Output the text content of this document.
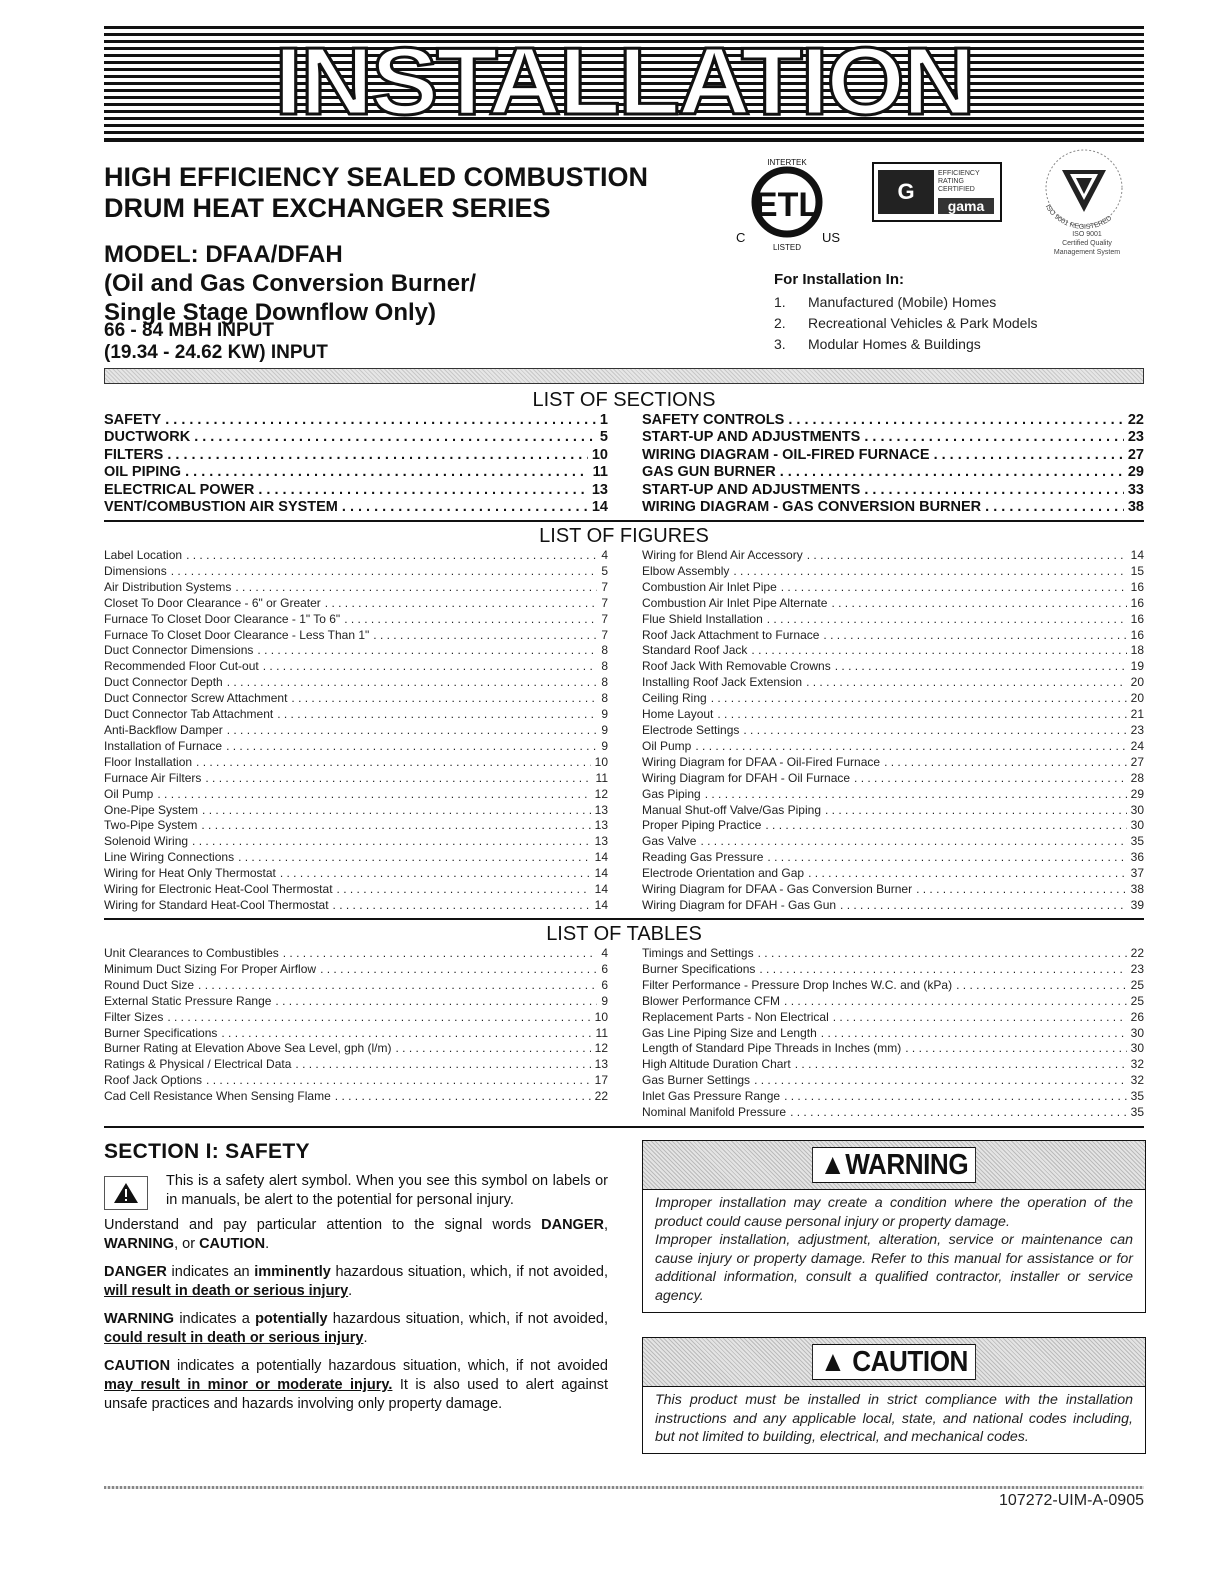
INSTALLATION
HIGH EFFICIENCY SEALED COMBUSTION
DRUM HEAT EXCHANGER SERIES
MODEL: DFAA/DFAH
(Oil and Gas Conversion Burner/
Single Stage Downflow Only)
66 - 84 MBH INPUT
(19.34 - 24.62 KW) INPUT
ETL
INTERTEK
LISTED
C	US
G
EFFICIENCY
RATING
CERTIFIED
gama	ISO 9001 REGISTERED
ISO 9001
Certified Quality
Management System
For Installation In:
1. Manufactured (Mobile) Homes
2. Recreational Vehicles & Park Models
3. Modular Homes & Buildings
LIST OF SECTIONS
SAFETY . . .	1
DUCTWORK . . .	5
FILTERS . . .	10
OIL PIPING . . .	11
ELECTRICAL POWER . . .	13
VENT/COMBUSTION AIR SYSTEM . . .	14
SAFETY CONTROLS . . .	22
START-UP AND ADJUSTMENTS . . .	23
WIRING DIAGRAM - OIL-FIRED FURNACE . . .	27
GAS GUN BURNER . . .	29
START-UP AND ADJUSTMENTS . . .	33
WIRING DIAGRAM - GAS CONVERSION BURNER . . .	38
LIST OF FIGURES
Label Location . . .	4
Dimensions . . .	5
Air Distribution Systems . . .	7
Closet To Door Clearance - 6" or Greater . . .	7
Furnace To Closet Door Clearance - 1" To 6" . . .	7
Furnace To Closet Door Clearance - Less Than 1" . . .	7
Duct Connector Dimensions . . .	8
Recommended Floor Cut-out . . .	8
Duct Connector Depth . . .	8
Duct Connector Screw Attachment . . .	8
Duct Connector Tab Attachment . . .	9
Anti-Backflow Damper . . .	9
Installation of Furnace . . .	9
Floor Installation . . .	10
Furnace Air Filters . . .	11
Oil Pump . . .	12
One-Pipe System . . .	13
Two-Pipe System . . .	13
Solenoid Wiring . . .	13
Line Wiring Connections . . .	14
Wiring for Heat Only Thermostat . . .	14
Wiring for Electronic Heat-Cool Thermostat . . .	14
Wiring for Standard Heat-Cool Thermostat . . .	14
Wiring for Blend Air Accessory . . .	14
Elbow Assembly . . .	15
Combustion Air Inlet Pipe . . .	16
Combustion Air Inlet Pipe Alternate . . .	16
Flue Shield Installation . . .	16
Roof Jack Attachment to Furnace . . .	16
Standard Roof Jack . . .	18
Roof Jack With Removable Crowns . . .	19
Installing Roof Jack Extension . . .	20
Ceiling Ring . . .	20
Home Layout . . .	21
Electrode Settings . . .	23
Oil Pump . . .	24
Wiring Diagram for DFAA - Oil-Fired Furnace . . .	27
Wiring Diagram for DFAH - Oil Furnace . . .	28
Gas Piping . . .	29
Manual Shut-off Valve/Gas Piping . . .	30
Proper Piping Practice . . .	30
Gas Valve . . .	35
Reading Gas Pressure . . .	36
Electrode Orientation and Gap . . .	37
Wiring Diagram for DFAA - Gas Conversion Burner . . .	38
Wiring Diagram for DFAH - Gas Gun . . .	39
LIST OF TABLES
Unit Clearances to Combustibles . . .	4
Minimum Duct Sizing For Proper Airflow . . .	6
Round Duct Size . . .	6
External Static Pressure Range . . .	9
Filter Sizes . . .	10
Burner Specifications . . .	11
Burner Rating at Elevation Above Sea Level, gph (l/m) . . .	12
Ratings & Physical / Electrical Data . . .	13
Roof Jack Options . . .	17
Cad Cell Resistance When Sensing Flame . . .	22
Timings and Settings . . .	22
Burner Specifications . . .	23
Filter Performance - Pressure Drop Inches W.C. and (kPa) . . .	25
Blower Performance CFM . . .	25
Replacement Parts - Non Electrical . . .	26
Gas Line Piping Size and Length . . .	30
Length of Standard Pipe Threads in Inches (mm) . . .	30
High Altitude Duration Chart . . .	32
Gas Burner Settings . . .	32
Inlet Gas Pressure Range . . .	35
Nominal Manifold Pressure . . .	35
SECTION I: SAFETY

This is a safety alert symbol. When you see this symbol on labels or in manuals, be alert to the potential for personal injury.

Understand and pay particular attention to the signal words DANGER, WARNING, or CAUTION.

DANGER indicates an imminently hazardous situation, which, if not avoided, will result in death or serious injury.

WARNING indicates a potentially hazardous situation, which, if not avoided, could result in death or serious injury.

CAUTION indicates a potentially hazardous situation, which, if not avoided may result in minor or moderate injury. It is also used to alert against unsafe practices and hazards involving only property damage.

▲WARNING

Improper installation may create a condition where the operation of the product could cause personal injury or property damage.

Improper installation, adjustment, alteration, service or maintenance can cause injury or property damage. Refer to this manual for assistance or for additional information, consult a qualified contractor, installer or service agency.

▲ CAUTION

This product must be installed in strict compliance with the installation instructions and any applicable local, state, and national codes including, but not limited to building, electrical, and mechanical codes.

107272-UIM-A-0905
